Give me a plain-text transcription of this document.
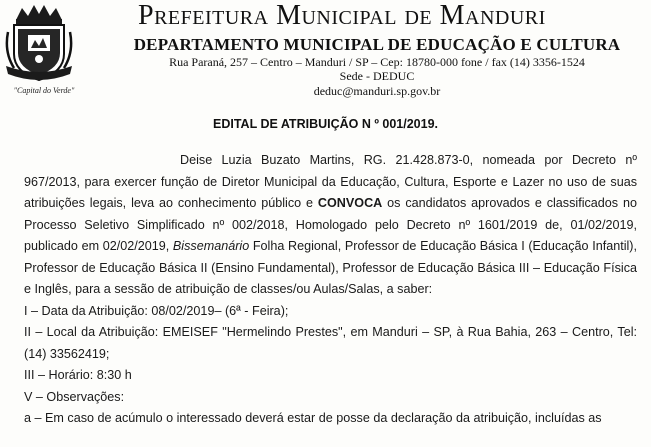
"Capital do Verde"
Prefeitura Municipal de Manduri
DEPARTAMENTO MUNICIPAL DE EDUCAÇÃO E CULTURA
Rua Paraná, 257 – Centro – Manduri / SP – Cep: 18780-000 fone / fax (14) 3356-1524
Sede - DEDUC
deduc@manduri.sp.gov.br
EDITAL DE ATRIBUIÇÃO N º 001/2019.

Deise Luzia Buzato Martins, RG. 21.428.873-0, nomeada por Decreto nº 967/2013, para exercer função de Diretor Municipal da Educação, Cultura, Esporte e Lazer no uso de suas atribuições legais, leva ao conhecimento público e CONVOCA os candidatos aprovados e classificados no Processo Seletivo Simplificado nº 002/2018, Homologado pelo Decreto nº 1601/2019 de, 01/02/2019, publicado em 02/02/2019, Bissemanário Folha Regional, Professor de Educação Básica I (Educação Infantil), Professor de Educação Básica II (Ensino Fundamental), Professor de Educação Básica III – Educação Física e Inglês, para a sessão de atribuição de classes/ou Aulas/Salas, a saber:

I – Data da Atribuição: 08/02/2019– (6ª - Feira);

II – Local da Atribuição: EMEISEF "Hermelindo Prestes", em Manduri – SP, à Rua Bahia, 263 – Centro, Tel: (14) 33562419;

III – Horário: 8:30 h

V – Observações:

a – Em caso de acúmulo o interessado deverá estar de posse da declaração da atribuição, incluídas as
